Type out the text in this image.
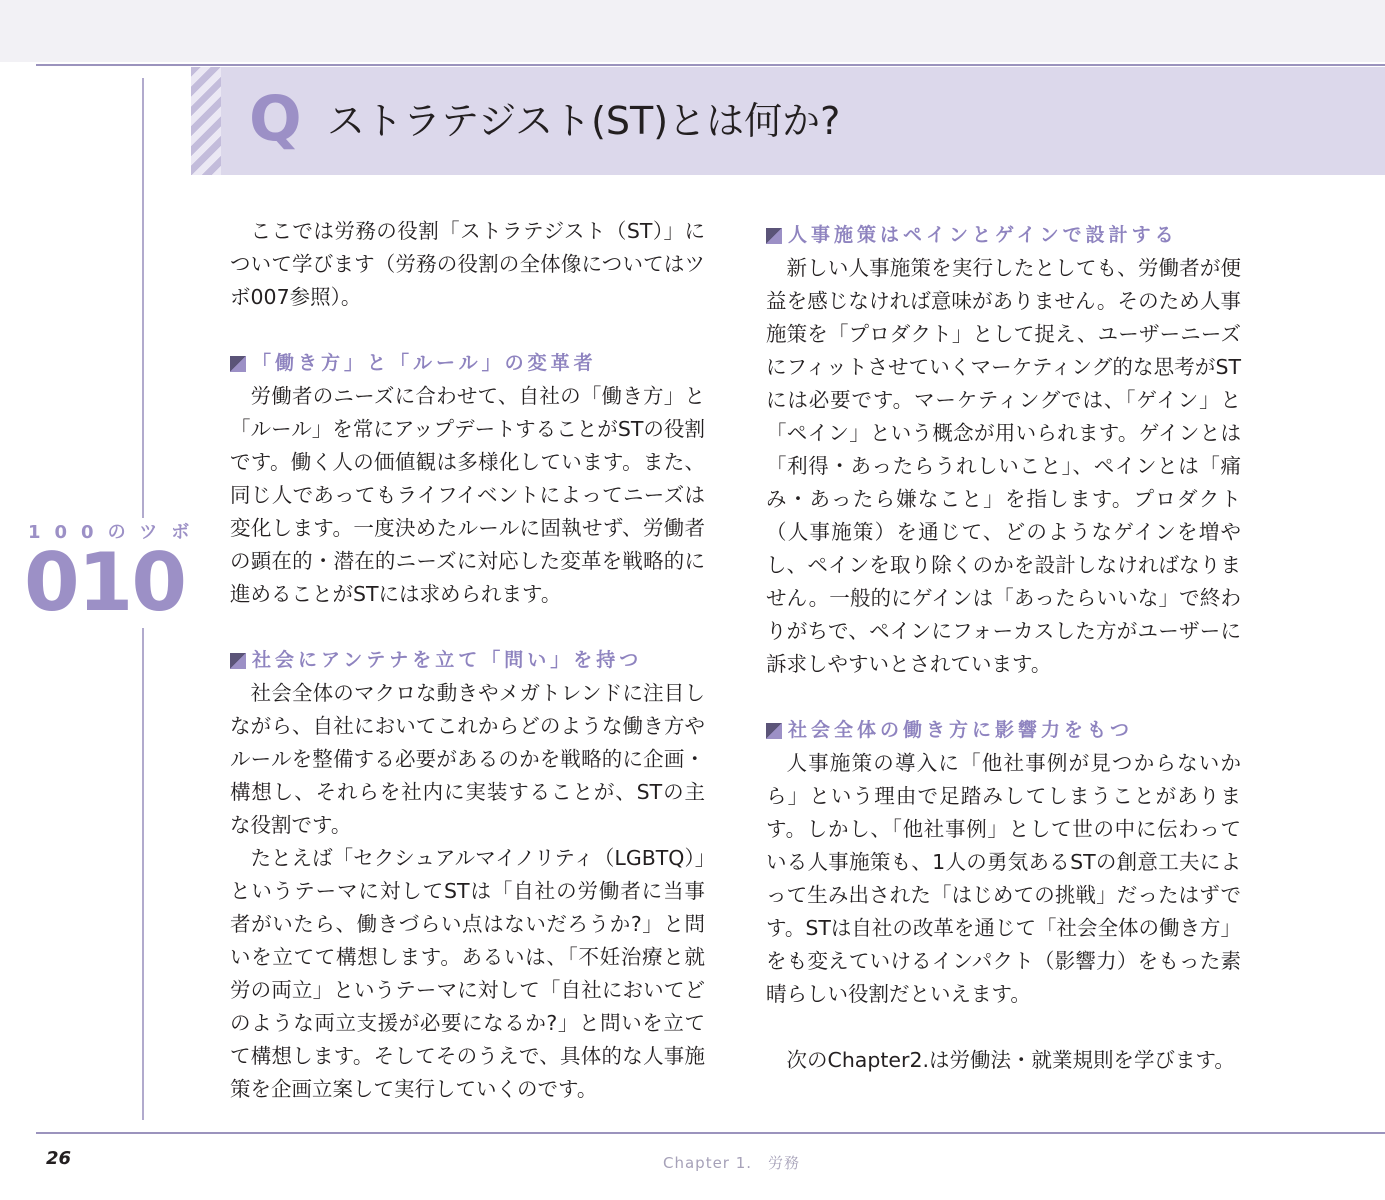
Q ストラテジスト(ST)とは何か?
100のツボ
010

ここでは労務の役割「ストラテジスト（ST）」について学びます（労務の役割の全体像についてはツボ007参照）。

「働き方」と「ルール」の変革者

労働者のニーズに合わせて、自社の「働き方」と「ルール」を常にアップデートすることがSTの役割です。働く人の価値観は多様化しています。また、同じ人であってもライフイベントによってニーズは変化します。一度決めたルールに固執せず、労働者の顕在的・潜在的ニーズに対応した変革を戦略的に進めることがSTには求められます。

社会にアンテナを立て「問い」を持つ

社会全体のマクロな動きやメガトレンドに注目しながら、自社においてこれからどのような働き方やルールを整備する必要があるのかを戦略的に企画・構想し、それらを社内に実装することが、STの主な役割です。

たとえば「セクシュアルマイノリティ（LGBTQ）」というテーマに対してSTは「自社の労働者に当事者がいたら、働きづらい点はないだろうか?」と問いを立てて構想します。あるいは、「不妊治療と就労の両立」というテーマに対して「自社においてどのような両立支援が必要になるか?」と問いを立てて構想します。そしてそのうえで、具体的な人事施策を企画立案して実行していくのです。

人事施策はペインとゲインで設計する

新しい人事施策を実行したとしても、労働者が便益を感じなければ意味がありません。そのため人事施策を「プロダクト」として捉え、ユーザーニーズにフィットさせていくマーケティング的な思考がSTには必要です。マーケティングでは、「ゲイン」と「ペイン」という概念が用いられます。ゲインとは「利得・あったらうれしいこと」、ペインとは「痛み・あったら嫌なこと」を指します。プロダクト（人事施策）を通じて、どのようなゲインを増やし、ペインを取り除くのかを設計しなければなりません。一般的にゲインは「あったらいいな」で終わりがちで、ペインにフォーカスした方がユーザーに訴求しやすいとされています。

社会全体の働き方に影響力をもつ

人事施策の導入に「他社事例が見つからないから」という理由で足踏みしてしまうことがあります。しかし、「他社事例」として世の中に伝わっている人事施策も、1人の勇気あるSTの創意工夫によって生み出された「はじめての挑戦」だったはずです。STは自社の改革を通じて「社会全体の働き方」をも変えていけるインパクト（影響力）をもった素晴らしい役割だといえます。

次のChapter2.は労働法・就業規則を学びます。

26	Chapter 1.　労務
